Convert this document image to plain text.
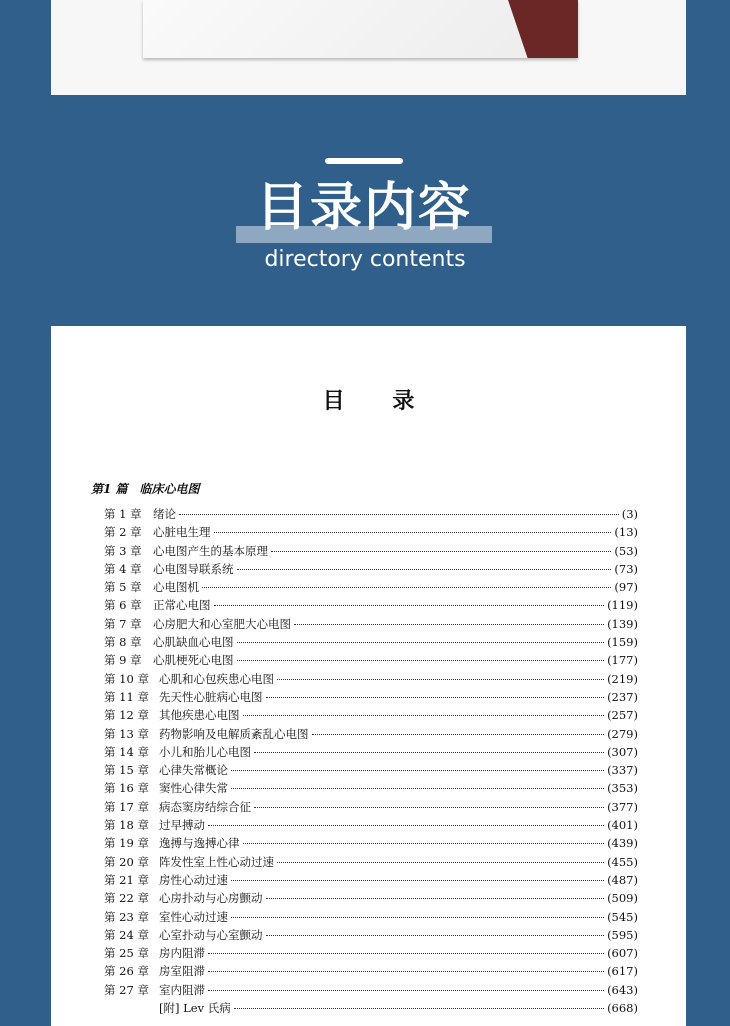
目录内容
directory contents
目 录
第1 篇　临床心电图
第 1 章 绪论	(3)
第 2 章 心脏电生理	(13)
第 3 章 心电图产生的基本原理	(53)
第 4 章 心电图导联系统	(73)
第 5 章 心电图机	(97)
第 6 章 正常心电图	(119)
第 7 章 心房肥大和心室肥大心电图	(139)
第 8 章 心肌缺血心电图	(159)
第 9 章 心肌梗死心电图	(177)
第 10 章 心肌和心包疾患心电图	(219)
第 11 章 先天性心脏病心电图	(237)
第 12 章 其他疾患心电图	(257)
第 13 章 药物影响及电解质紊乱心电图	(279)
第 14 章 小儿和胎儿心电图	(307)
第 15 章 心律失常概论	(337)
第 16 章 窦性心律失常	(353)
第 17 章 病态窦房结综合征	(377)
第 18 章 过早搏动	(401)
第 19 章 逸搏与逸搏心律	(439)
第 20 章 阵发性室上性心动过速	(455)
第 21 章 房性心动过速	(487)
第 22 章 心房扑动与心房颤动	(509)
第 23 章 室性心动过速	(545)
第 24 章 心室扑动与心室颤动	(595)
第 25 章 房内阻滞	(607)
第 26 章 房室阻滞	(617)
第 27 章 室内阻滞	(643)
[附] Lev 氏病	(668)
